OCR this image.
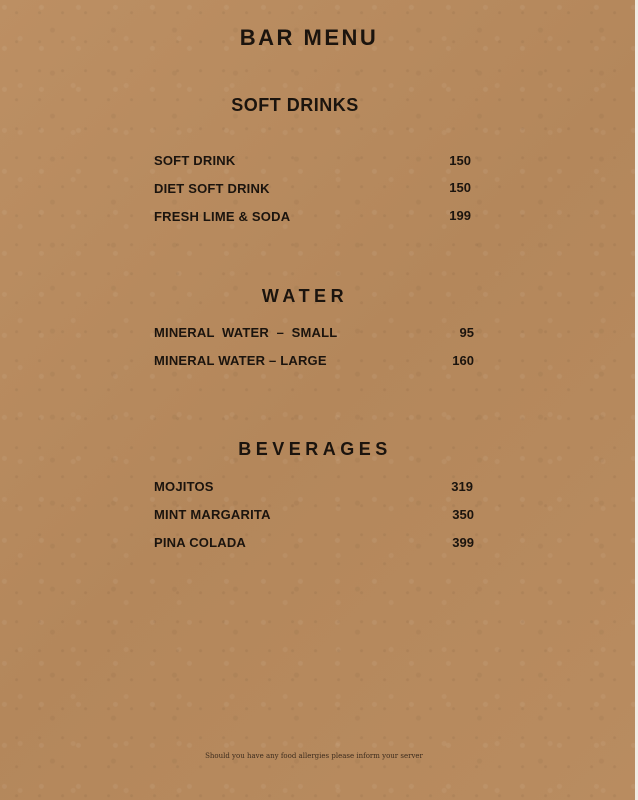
BAR MENU
SOFT DRINKS
SOFT DRINK	150
DIET SOFT DRINK	150
FRESH LIME & SODA	199
WATER
MINERAL  WATER  –  SMALL	95
MINERAL WATER – LARGE	160
BEVERAGES
MOJITOS	319
MINT MARGARITA	350
PINA COLADA	399
Should you have any food allergies please inform your server
